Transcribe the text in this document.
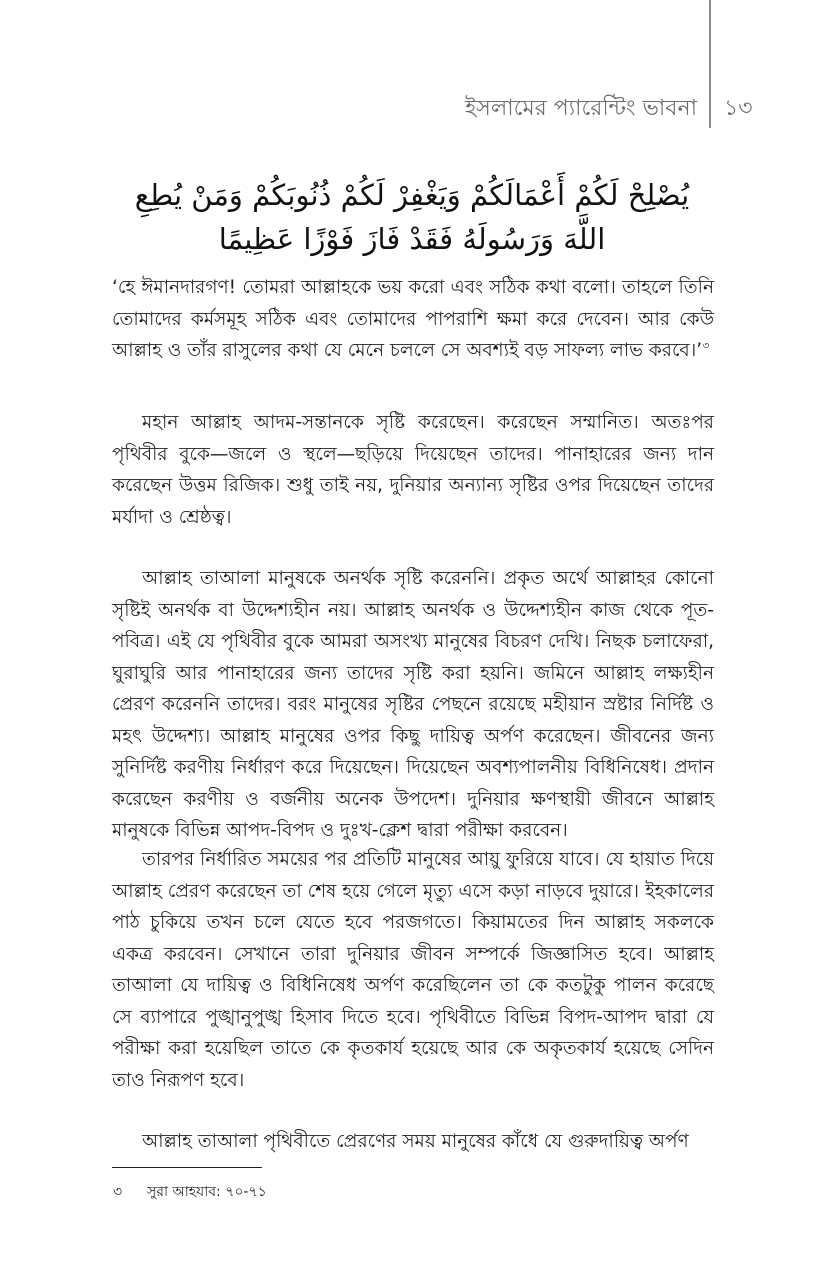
ইসলামের প্যারেন্টিং ভাবনা ১৩
يُصْلِحْ لَكُمْ أَعْمَالَكُمْ وَيَغْفِرْ لَكُمْ ذُنُوبَكُمْ وَمَنْ يُطِعِ
اللَّهَ وَرَسُولَهُ فَقَدْ فَازَ فَوْزًا عَظِيمًا
‘হে ঈমানদারগণ! তোমরা আল্লাহকে ভয় করো এবং সঠিক কথা বলো। তাহলে তিনি তোমাদের কর্মসমূহ সঠিক এবং তোমাদের পাপরাশি ক্ষমা করে দেবেন। আর কেউ আল্লাহ ও তাঁর রাসুলের কথা যে মেনে চললে সে অবশ্যই বড় সাফল্য লাভ করবে।’$^৩$
মহান আল্লাহ আদম-সন্তানকে সৃষ্টি করেছেন। করেছেন সম্মানিত। অতঃপর পৃথিবীর বুকে—জলে ও স্থলে—ছড়িয়ে দিয়েছেন তাদের। পানাহারের জন্য দান করেছেন উত্তম রিজিক। শুধু তাই নয়, দুনিয়ার অন্যান্য সৃষ্টির ওপর দিয়েছেন তাদের মর্যাদা ও শ্রেষ্ঠত্ব।
আল্লাহ তাআলা মানুষকে অনর্থক সৃষ্টি করেননি। প্রকৃত অর্থে আল্লাহর কোনো সৃষ্টিই অনর্থক বা উদ্দেশ্যহীন নয়। আল্লাহ অনর্থক ও উদ্দেশ্যহীন কাজ থেকে পূত-পবিত্র। এই যে পৃথিবীর বুকে আমরা অসংখ্য মানুষের বিচরণ দেখি। নিছক চলাফেরা, ঘুরাঘুরি আর পানাহারের জন্য তাদের সৃষ্টি করা হয়নি। জমিনে আল্লাহ লক্ষ্যহীন প্রেরণ করেননি তাদের। বরং মানুষের সৃষ্টির পেছনে রয়েছে মহীয়ান স্রষ্টার নির্দিষ্ট ও মহৎ উদ্দেশ্য। আল্লাহ মানুষের ওপর কিছু দায়িত্ব অর্পণ করেছেন। জীবনের জন্য সুনির্দিষ্ট করণীয় নির্ধারণ করে দিয়েছেন। দিয়েছেন অবশ্যপালনীয় বিধিনিষেধ। প্রদান করেছেন করণীয় ও বর্জনীয় অনেক উপদেশ। দুনিয়ার ক্ষণস্থায়ী জীবনে আল্লাহ মানুষকে বিভিন্ন আপদ-বিপদ ও দুঃখ-ক্লেশ দ্বারা পরীক্ষা করবেন।
তারপর নির্ধারিত সময়ের পর প্রতিটি মানুষের আয়ু ফুরিয়ে যাবে। যে হায়াত দিয়ে আল্লাহ প্রেরণ করেছেন তা শেষ হয়ে গেলে মৃত্যু এসে কড়া নাড়বে দুয়ারে। ইহকালের পাঠ চুকিয়ে তখন চলে যেতে হবে পরজগতে। কিয়ামতের দিন আল্লাহ সকলকে একত্র করবেন। সেখানে তারা দুনিয়ার জীবন সম্পর্কে জিজ্ঞাসিত হবে। আল্লাহ তাআলা যে দায়িত্ব ও বিধিনিষেধ অর্পণ করেছিলেন তা কে কতটুকু পালন করেছে সে ব্যাপারে পুঙ্খানুপুঙ্খ হিসাব দিতে হবে। পৃথিবীতে বিভিন্ন বিপদ-আপদ দ্বারা যে পরীক্ষা করা হয়েছিল তাতে কে কৃতকার্য হয়েছে আর কে অকৃতকার্য হয়েছে সেদিন তাও নিরূপণ হবে।
আল্লাহ তাআলা পৃথিবীতে প্রেরণের সময় মানুষের কাঁধে যে গুরুদায়িত্ব অর্পণ
৩ সুরা আহযাব: ৭০-৭১
